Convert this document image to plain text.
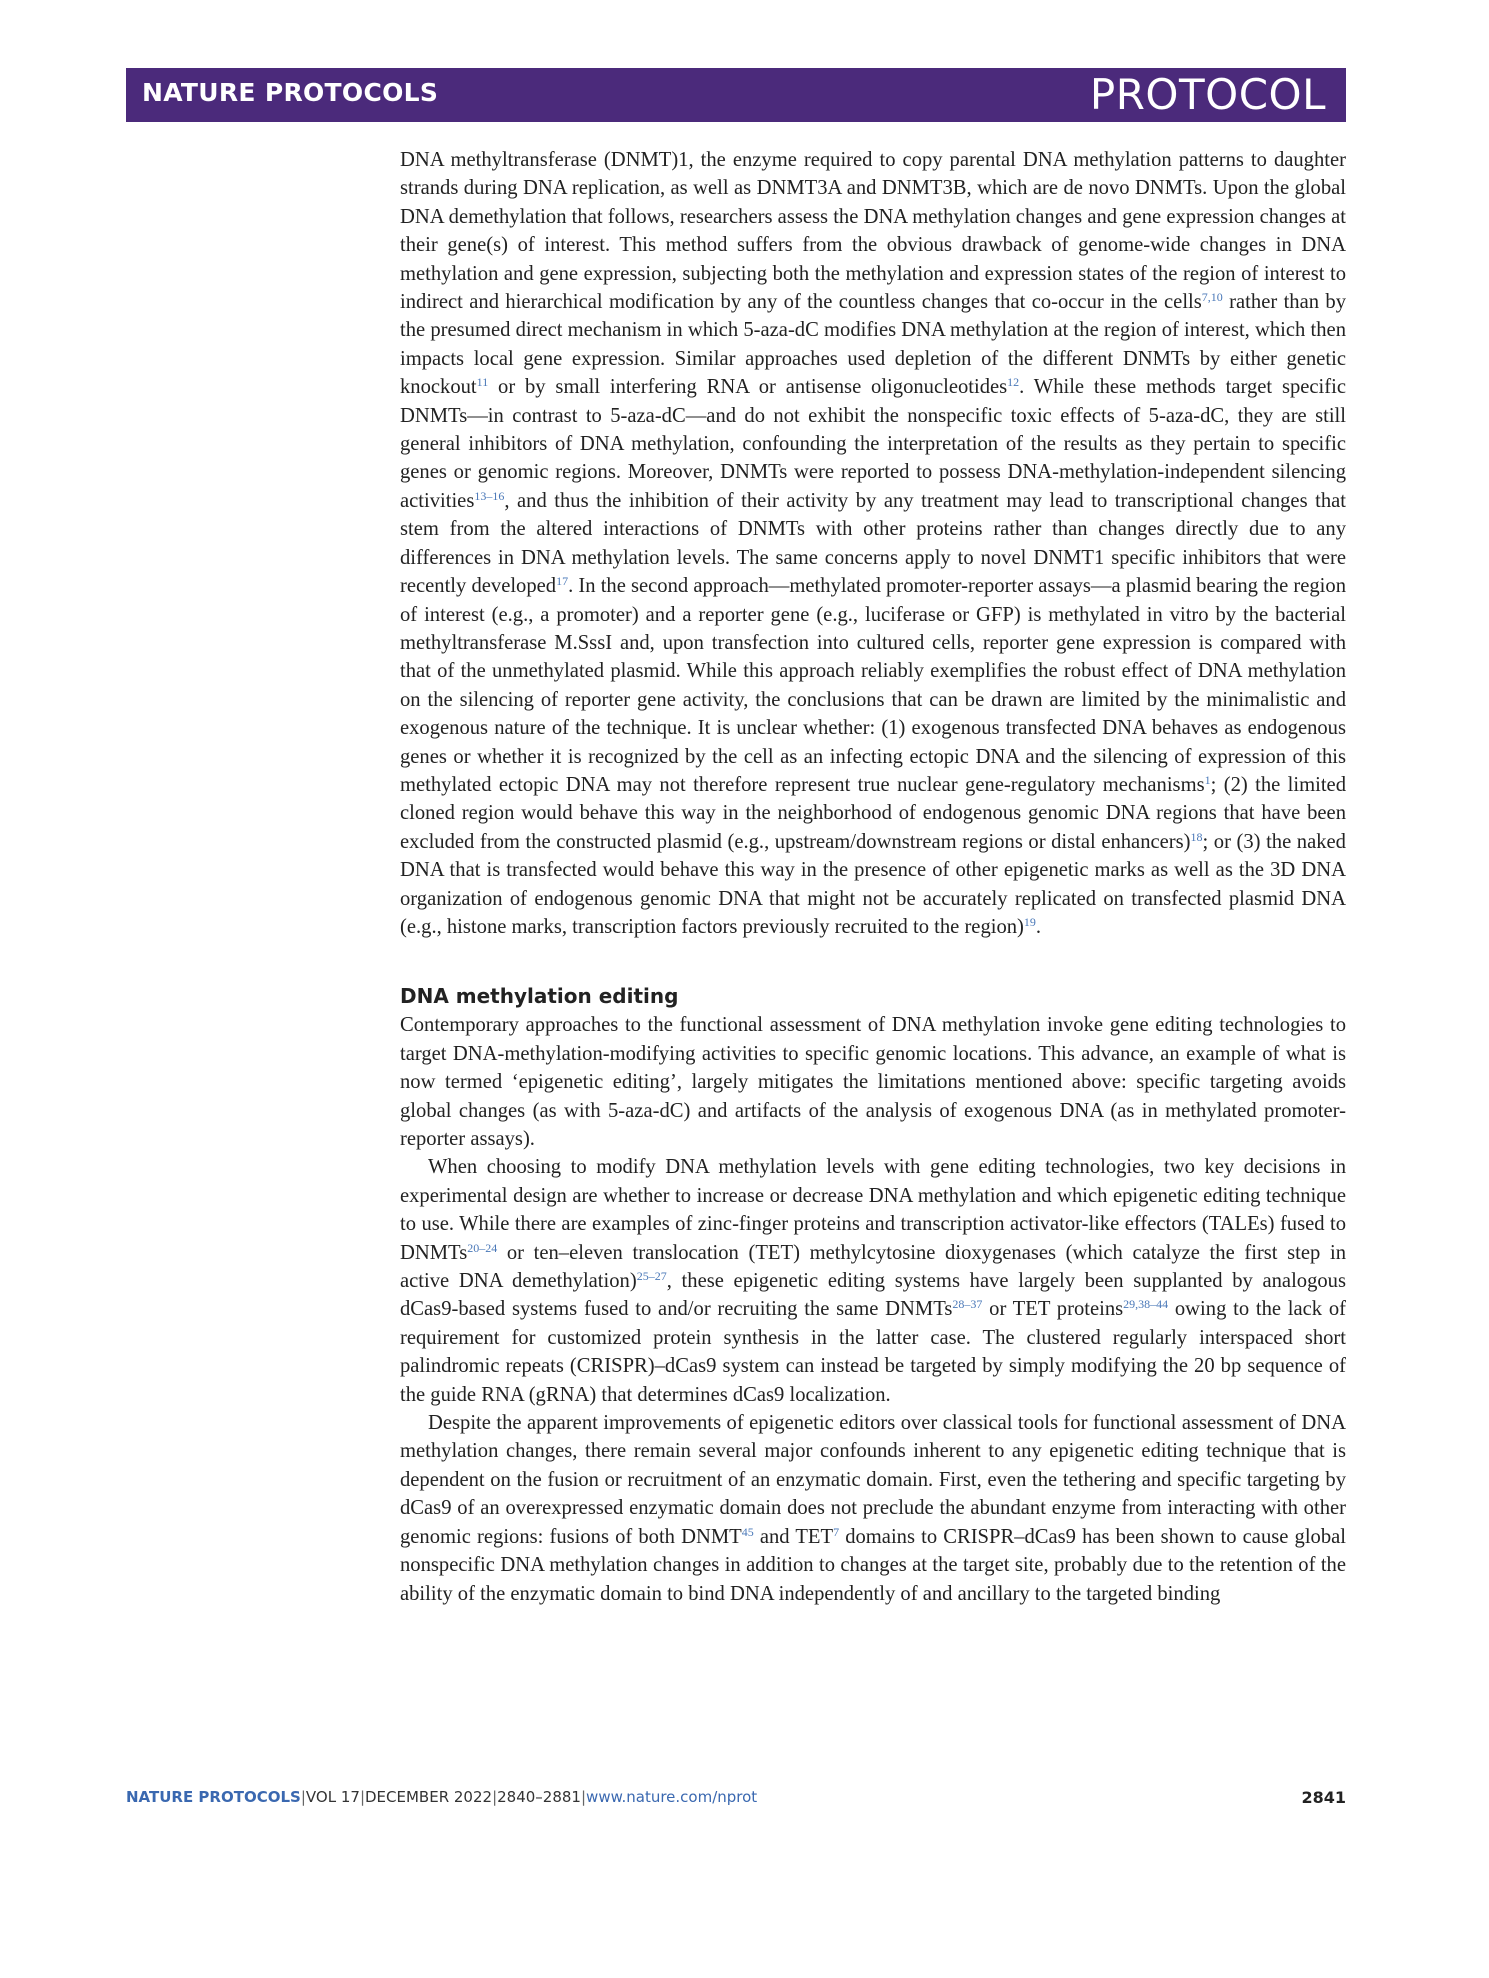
NATURE PROTOCOLS	PROTOCOL

DNA methyltransferase (DNMT)1, the enzyme required to copy parental DNA methylation patterns to daughter strands during DNA replication, as well as DNMT3A and DNMT3B, which are de novo DNMTs. Upon the global DNA demethylation that follows, researchers assess the DNA methylation changes and gene expression changes at their gene(s) of interest. This method suffers from the obvious drawback of genome-wide changes in DNA methylation and gene expression, subjecting both the methylation and expression states of the region of interest to indirect and hierarchical modification by any of the countless changes that co-occur in the cells$^{7,10}$ rather than by the presumed direct mechanism in which 5-aza-dC modifies DNA methylation at the region of interest, which then impacts local gene expression. Similar approaches used depletion of the different DNMTs by either genetic knockout$^{11}$ or by small interfering RNA or antisense oligonucleotides$^{12}$. While these methods target specific DNMTs—in contrast to 5-aza-dC—and do not exhibit the nonspecific toxic effects of 5-aza-dC, they are still general inhibitors of DNA methylation, confounding the interpretation of the results as they pertain to specific genes or genomic regions. Moreover, DNMTs were reported to possess DNA-methylation-independent silencing activities$^{13-16}$, and thus the inhibition of their activity by any treatment may lead to transcriptional changes that stem from the altered interactions of DNMTs with other proteins rather than changes directly due to any differences in DNA methylation levels. The same concerns apply to novel DNMT1 specific inhibitors that were recently developed$^{17}$. In the second approach—methylated promoter-reporter assays—a plasmid bearing the region of interest (e.g., a promoter) and a reporter gene (e.g., luciferase or GFP) is methylated in vitro by the bacterial methyltransferase M.SssI and, upon transfection into cultured cells, reporter gene expression is compared with that of the unmethylated plasmid. While this approach reliably exemplifies the robust effect of DNA methylation on the silencing of reporter gene activity, the conclusions that can be drawn are limited by the minimalistic and exogenous nature of the technique. It is unclear whether: (1) exogenous transfected DNA behaves as endogenous genes or whether it is recognized by the cell as an infecting ectopic DNA and the silencing of expression of this methylated ectopic DNA may not therefore represent true nuclear gene-regulatory mechanisms$^1$; (2) the limited cloned region would behave this way in the neighborhood of endogenous genomic DNA regions that have been excluded from the constructed plasmid (e.g., upstream/downstream regions or distal enhancers)$^{18}$; or (3) the naked DNA that is transfected would behave this way in the presence of other epigenetic marks as well as the 3D DNA organization of endogenous genomic DNA that might not be accurately replicated on transfected plasmid DNA (e.g., histone marks, transcription factors previously recruited to the region)$^{19}$.

DNA methylation editing

Contemporary approaches to the functional assessment of DNA methylation invoke gene editing technologies to target DNA-methylation-modifying activities to specific genomic locations. This advance, an example of what is now termed ‘epigenetic editing’, largely mitigates the limitations mentioned above: specific targeting avoids global changes (as with 5-aza-dC) and artifacts of the analysis of exogenous DNA (as in methylated promoter-reporter assays).

When choosing to modify DNA methylation levels with gene editing technologies, two key decisions in experimental design are whether to increase or decrease DNA methylation and which epigenetic editing technique to use. While there are examples of zinc-finger proteins and transcription activator-like effectors (TALEs) fused to DNMTs$^{20-24}$ or ten–eleven translocation (TET) methylcytosine dioxygenases (which catalyze the first step in active DNA demethylation)$^{25-27}$, these epigenetic editing systems have largely been supplanted by analogous dCas9-based systems fused to and/or recruiting the same DNMTs$^{28-37}$ or TET proteins$^{29,38-44}$ owing to the lack of requirement for customized protein synthesis in the latter case. The clustered regularly interspaced short palindromic repeats (CRISPR)–dCas9 system can instead be targeted by simply modifying the 20 bp sequence of the guide RNA (gRNA) that determines dCas9 localization.

Despite the apparent improvements of epigenetic editors over classical tools for functional assessment of DNA methylation changes, there remain several major confounds inherent to any epigenetic editing technique that is dependent on the fusion or recruitment of an enzymatic domain. First, even the tethering and specific targeting by dCas9 of an overexpressed enzymatic domain does not preclude the abundant enzyme from interacting with other genomic regions: fusions of both DNMT$^{45}$ and TET$^7$ domains to CRISPR–dCas9 has been shown to cause global nonspecific DNA methylation changes in addition to changes at the target site, probably due to the retention of the ability of the enzymatic domain to bind DNA independently of and ancillary to the targeted binding

NATURE PROTOCOLS|VOL 17|DECEMBER 2022|2840–2881|www.nature.com/nprot	2841
